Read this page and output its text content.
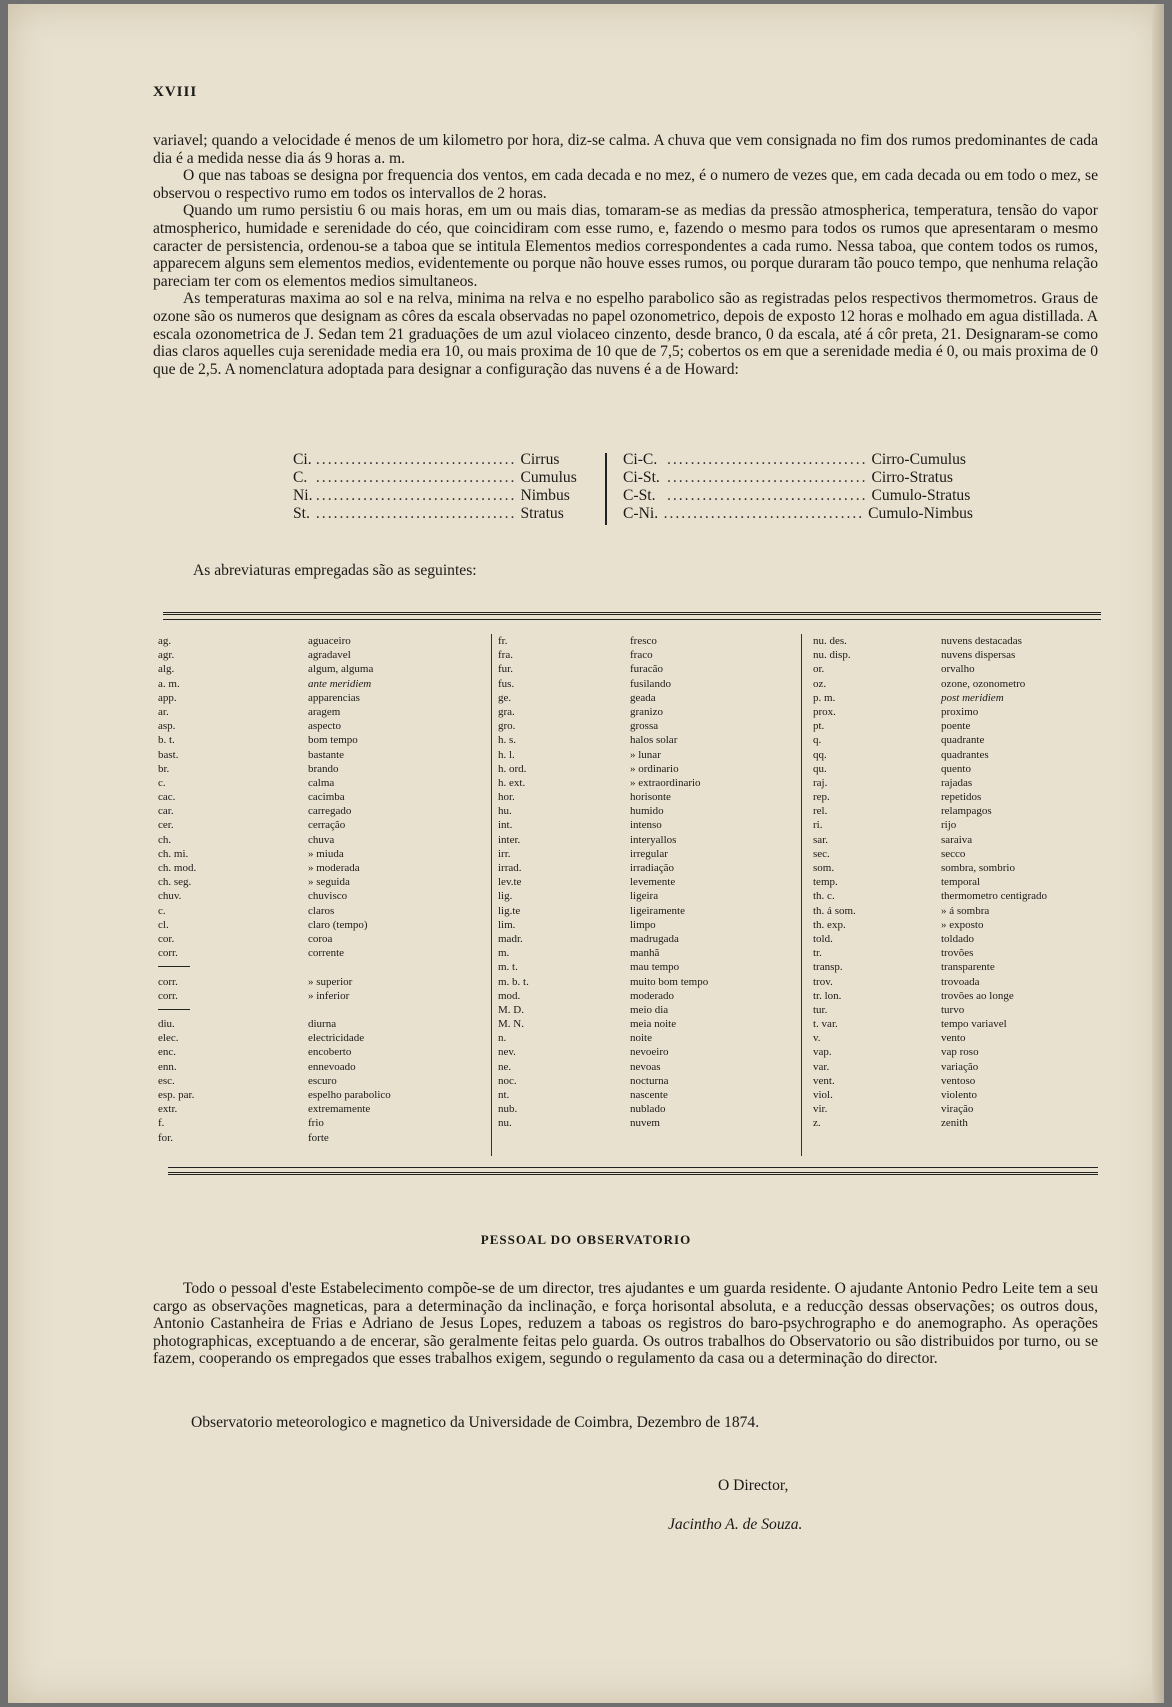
XVIII

variavel; quando a velocidade é menos de um kilometro por hora, diz-se calma. A chuva que vem consignada no fim dos rumos predominantes de cada dia é a medida nesse dia ás 9 horas a. m.

O que nas taboas se designa por frequencia dos ventos, em cada decada e no mez, é o numero de vezes que, em cada decada ou em todo o mez, se observou o respectivo rumo em todos os intervallos de 2 horas.

Quando um rumo persistiu 6 ou mais horas, em um ou mais dias, tomaram-se as medias da pressão atmospherica, temperatura, tensão do vapor atmospherico, humidade e serenidade do céo, que coincidiram com esse rumo, e, fazendo o mesmo para todos os rumos que apresentaram o mesmo caracter de persistencia, ordenou-se a taboa que se intitula Elementos medios correspondentes a cada rumo. Nessa taboa, que contem todos os rumos, apparecem alguns sem elementos medios, evidentemente ou porque não houve esses rumos, ou porque duraram tão pouco tempo, que nenhuma relação pareciam ter com os elementos medios simultaneos.

As temperaturas maxima ao sol e na relva, minima na relva e no espelho parabolico são as registradas pelos respectivos thermometros. Graus de ozone são os numeros que designam as côres da escala observadas no papel ozonometrico, depois de exposto 12 horas e molhado em agua distillada. A escala ozonometrica de J. Sedan tem 21 graduações de um azul violaceo cinzento, desde branco, 0 da escala, até á côr preta, 21. Designaram-se como dias claros aquelles cuja serenidade media era 10, ou mais proxima de 10 que de 7,5; cobertos os em que a serenidade media é 0, ou mais proxima de 0 que de 2,5. A nomenclatura adoptada para designar a configuração das nuvens é a de Howard:

Ci. .................................. Cirrus
C. .................................. Cumulus
Ni. .................................. Nimbus
St. .................................. Stratus
Ci-C. .................................. Cirro-Cumulus
Ci-St. .................................. Cirro-Stratus
C-St. .................................. Cumulo-Stratus
C-Ni. .................................. Cumulo-Nimbus
As abreviaturas empregadas são as seguintes:
ag.	aguaceiro
agr.	agradavel
alg.	algum, alguma
a. m.	ante meridiem
app.	apparencias
ar.	aragem
asp.	aspecto
b. t.	bom tempo
bast.	bastante
br.	brando
c.	calma
cac.	cacimba
car.	carregado
cer.	cerração
ch.	chuva
ch. mi.	» miuda
ch. mod.	» moderada
ch. seg.	» seguida
chuv.	chuvisco
c.	claros
cl.	claro (tempo)
cor.	coroa
corr.	corrente
corr.	» superior
corr.	» inferior
diu.	diurna
elec.	electricidade
enc.	encoberto
enn.	ennevoado
esc.	escuro
esp. par.	espelho parabolico
extr.	extremamente
f.	frio
for.	forte
fr.	fresco
fra.	fraco
fur.	furacão
fus.	fusilando
ge.	geada
gra.	granizo
gro.	grossa
h. s.	halos solar
h. l.	» lunar
h. ord.	» ordinario
h. ext.	» extraordinario
hor.	horisonte
hu.	humido
int.	intenso
inter.	interyallos
irr.	irregular
irrad.	irradiação
lev.te	levemente
lig.	ligeira
lig.te	ligeiramente
lim.	limpo
madr.	madrugada
m.	manhã
m. t.	mau tempo
m. b. t.	muito bom tempo
mod.	moderado
M. D.	meio dia
M. N.	meia noite
n.	noite
nev.	nevoeiro
ne.	nevoas
noc.	nocturna
nt.	nascente
nub.	nublado
nu.	nuvem
nu. des.	nuvens destacadas
nu. disp.	nuvens dispersas
or.	orvalho
oz.	ozone, ozonometro
p. m.	post meridiem
prox.	proximo
pt.	poente
q.	quadrante
qq.	quadrantes
qu.	quento
raj.	rajadas
rep.	repetidos
rel.	relampagos
ri.	rijo
sar.	saraiva
sec.	secco
som.	sombra, sombrio
temp.	temporal
th. c.	thermometro centigrado
th. á som.	» á sombra
th. exp.	» exposto
told.	toldado
tr.	trovões
transp.	transparente
trov.	trovoada
tr. lon.	trovões ao longe
tur.	turvo
t. var.	tempo variavel
v.	vento
vap.	vap roso
var.	variação
vent.	ventoso
viol.	violento
vir.	viração
z.	zenith
PESSOAL DO OBSERVATORIO

Todo o pessoal d'este Estabelecimento compõe-se de um director, tres ajudantes e um guarda residente. O ajudante Antonio Pedro Leite tem a seu cargo as observações magneticas, para a determinação da inclinação, e força horisontal absoluta, e a reducção dessas observações; os outros dous, Antonio Castanheira de Frias e Adriano de Jesus Lopes, reduzem a taboas os registros do baro-psychrographo e do anemographo. As operações photographicas, exceptuando a de encerar, são geralmente feitas pelo guarda. Os outros trabalhos do Observatorio ou são distribuidos por turno, ou se fazem, cooperando os empregados que esses trabalhos exigem, segundo o regulamento da casa ou a determinação do director.

Observatorio meteorologico e magnetico da Universidade de Coimbra, Dezembro de 1874.
O Director,
Jacintho A. de Souza.
